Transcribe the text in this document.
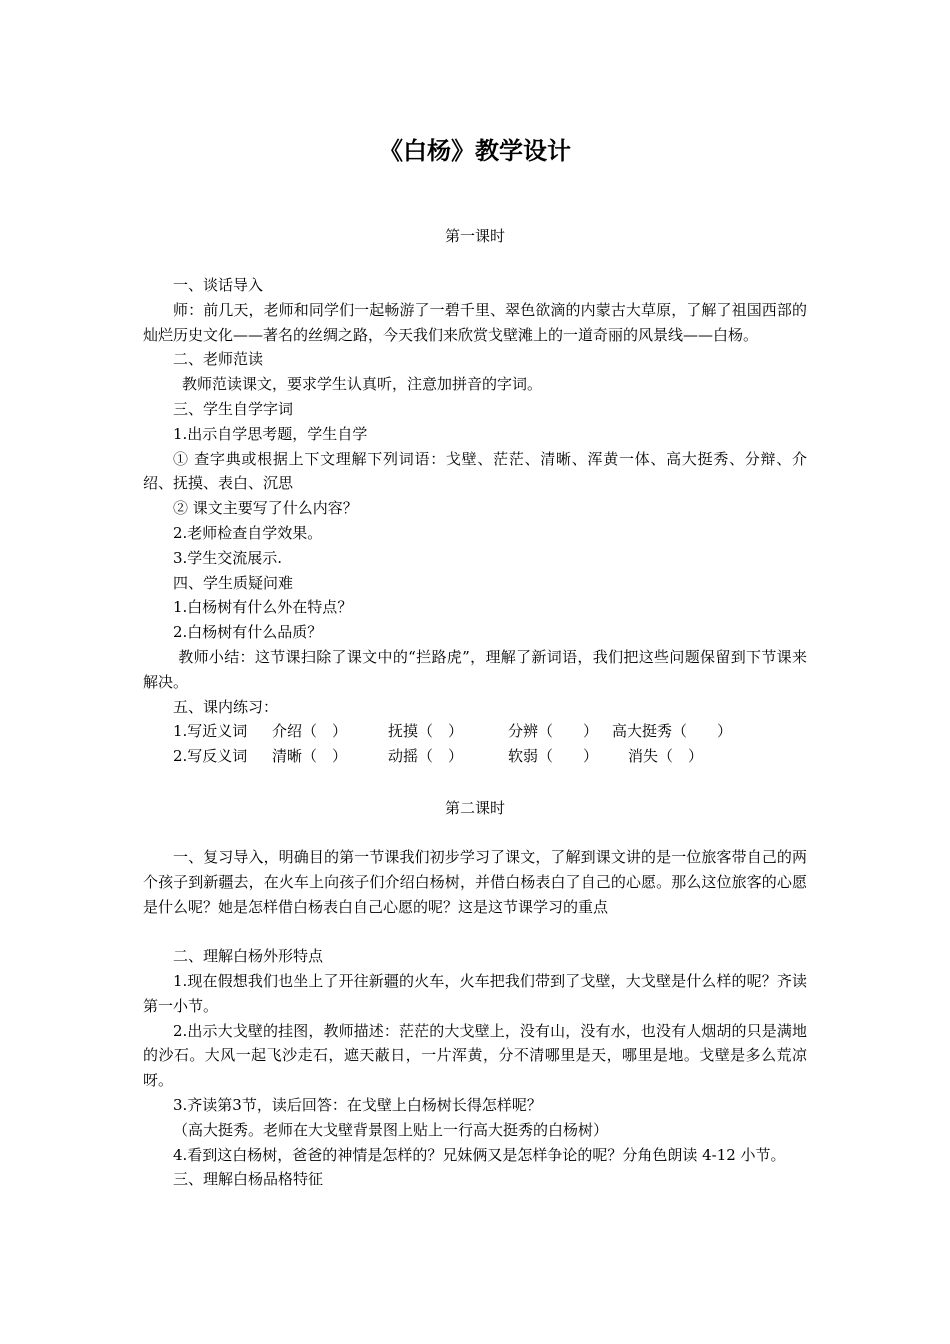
《白杨》教学设计
第一课时

一、谈话导入

师：前几天，老师和同学们一起畅游了一碧千里、翠色欲滴的内蒙古大草原，了解了祖国西部的灿烂历史文化——著名的丝绸之路，今天我们来欣赏戈壁滩上的一道奇丽的风景线——白杨。

二、老师范读

教师范读课文，要求学生认真听，注意加拼音的字词。

三、学生自学字词

1.出示自学思考题，学生自学

① 查字典或根据上下文理解下列词语：戈壁、茫茫、清晰、浑黄一体、高大挺秀、分辩、介绍、抚摸、表白、沉思

② 课文主要写了什么内容？

2.老师检查自学效果。

3.学生交流展示.

四、学生质疑问难

1.白杨树有什么外在特点？

2.白杨树有什么品质？

教师小结：这节课扫除了课文中的“拦路虎”，理解了新词语，我们把这些问题保留到下节课来解决。

五、课内练习：

1.写近义词	介绍（　）	抚摸（　）	分辨（　　） 高大挺秀（　　）
2.写反义词	清晰（　）	动摇（　）	软弱（　　）	消失（　）
第二课时

一、复习导入，明确目的第一节课我们初步学习了课文，了解到课文讲的是一位旅客带自己的两个孩子到新疆去，在火车上向孩子们介绍白杨树，并借白杨表白了自己的心愿。那么这位旅客的心愿是什么呢？她是怎样借白杨表白自己心愿的呢？这是这节课学习的重点

二、理解白杨外形特点

1.现在假想我们也坐上了开往新疆的火车，火车把我们带到了戈壁，大戈壁是什么样的呢？齐读第一小节。

2.出示大戈壁的挂图，教师描述：茫茫的大戈壁上，没有山，没有水，也没有人烟胡的只是满地的沙石。大风一起飞沙走石，遮天蔽日，一片浑黄，分不清哪里是天，哪里是地。戈壁是多么荒凉呀。

3.齐读第3节，读后回答：在戈壁上白杨树长得怎样呢？

（高大挺秀。老师在大戈壁背景图上贴上一行高大挺秀的白杨树）

4.看到这白杨树，爸爸的神情是怎样的？兄妹俩又是怎样争论的呢？分角色朗读 4-12 小节。

三、理解白杨品格特征
